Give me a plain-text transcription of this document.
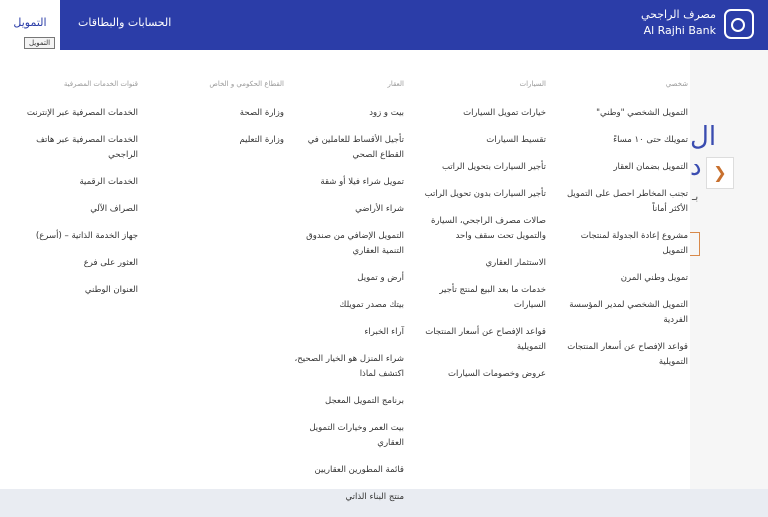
ال
د
بـ
❯
التمويل	الحسابات والبطاقات
مصرف الراجحي
Al Rajhi Bank
التمويل
شخصي
التمويل الشخصي "وطني"
تمويلك حتى ١٠ مساءً
التمويل بضمان العقار
تجنب المخاطر احصل على التمويل الأكثر أماناً
مشروع إعادة الجدولة لمنتجات التمويل
تمويل وطني المرن
التمويل الشخصي لمدير المؤسسة الفردية
قواعد الإفصاح عن أسعار المنتجات التمويلية
السيارات
خيارات تمويل السيارات
تقسيط السيارات
تأجير السيارات بتحويل الراتب
تأجير السيارات بدون تحويل الراتب
صالات مصرف الراجحي، السيارة والتمويل تحت سقف واحد
الاستثمار العقاري
خدمات ما بعد البيع لمنتج تأجير السيارات
قواعد الإفصاح عن أسعار المنتجات التمويلية
عروض وخصومات السيارات
العقار
بيت و زود
تأجيل الأقساط للعاملين في القطاع الصحي
تمويل شراء فيلا أو شقة
شراء الأراضي
التمويل الإضافي من صندوق التنمية العقاري
أرض و تمويل
بيتك مصدر تمويلك
آراء الخبراء
شراء المنزل هو الخيار الصحيح، اكتشف لماذا
برنامج التمويل المعجل
بيت العمر وخيارات التمويل العقاري
قائمة المطورين العقاريين
منتج البناء الذاتي
القطاع الحكومي و الخاص
وزارة الصحة
وزارة التعليم
قنوات الخدمات المصرفية
الخدمات المصرفية عبر الإنترنت
الخدمات المصرفية عبر هاتف الراجحي
الخدمات الرقمية
الصراف الآلي
جهاز الخدمة الذاتية – (أسرع)
العثور على فرع
العنوان الوطني
